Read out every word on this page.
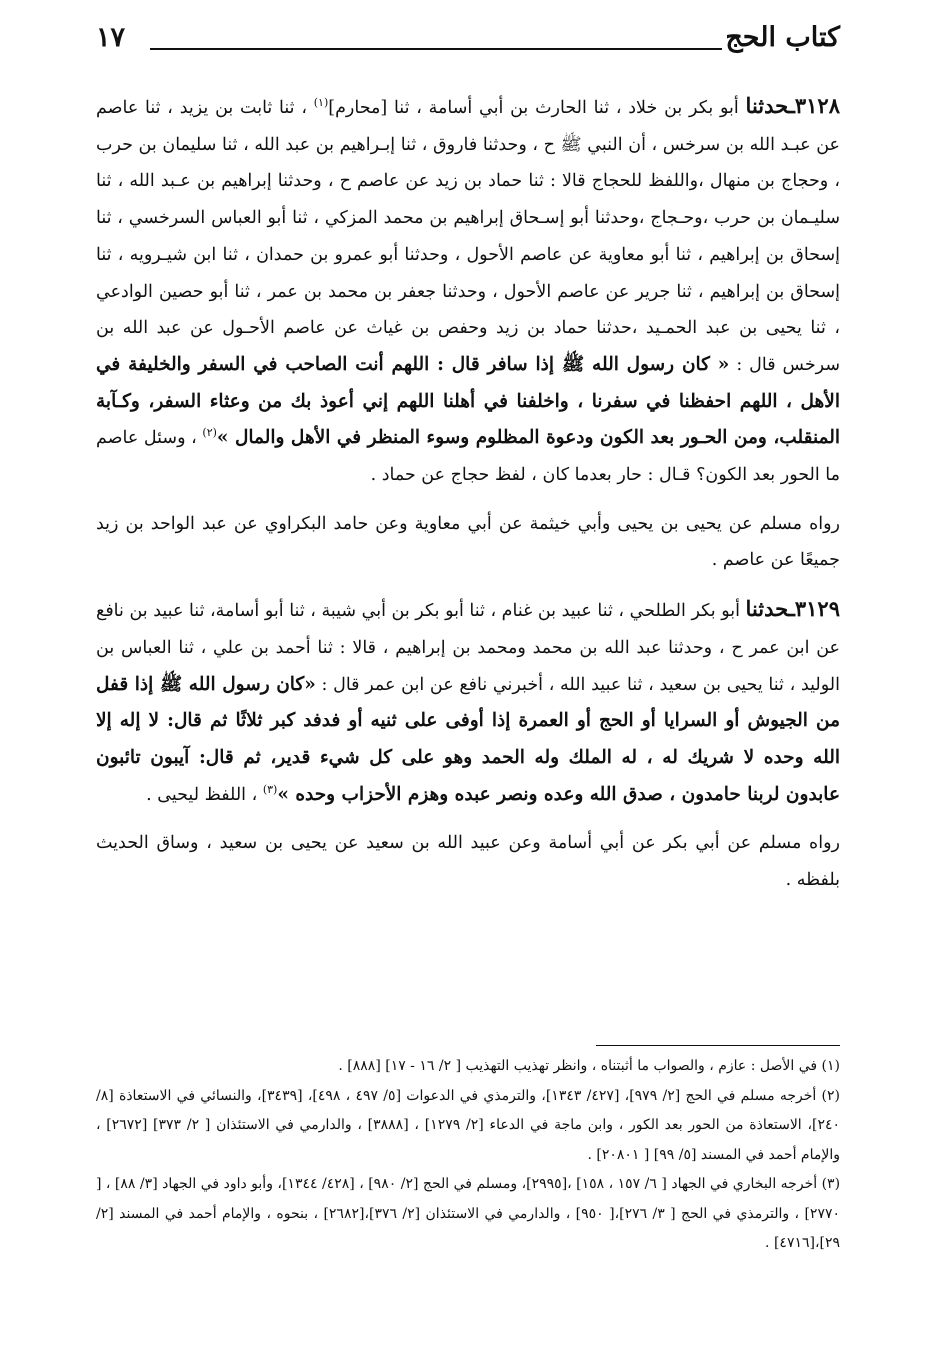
كتاب الحج
١٧

٣١٢٨ـحدثنا أبو بكر بن خلاد ، ثنا الحارث بن أبي أسامة ، ثنا [محارم]$^{(١)}$ ، ثنا ثابت بن يزيد ، ثنا عاصم عن عبـد الله بن سرخس ، أن النبي ﷺ ح ، وحدثنا فاروق ، ثنا إبـراهيم بن عبد الله ، ثنا سليمان بن حرب ، وحجاج بن منهال ،واللفظ للحجاج قالا : ثنا حماد بن زيد عن عاصم ح ، وحدثنا إبراهيم بن عـبد الله ، ثنا سليـمان بن حرب ،وحـجاج ،وحدثنا أبو إسـحاق إبراهيم بن محمد المزكي ، ثنا أبو العباس السرخسي ، ثنا إسحاق بن إبراهيم ، ثنا أبو معاوية عن عاصم الأحول ، وحدثنا أبو عمرو بن حمدان ، ثنا ابن شيـرويه ، ثنا إسحاق بن إبراهيم ، ثنا جرير عن عاصم الأحول ، وحدثنا جعفر بن محمد بن عمر ، ثنا أبو حصين الوادعي ، ثنا يحيى بن عبد الحمـيد ،حدثنا حماد بن زيد وحفص بن غياث عن عاصم الأحـول عن عبد الله بن سرخس قال : « كان رسول الله ﷺ إذا سافر قال : اللهم أنت الصاحب في السفر والخليفة في الأهل ، اللهم احفظنا في سفرنا ، واخلفنا في أهلنا اللهم إني أعوذ بك من وعثاء السفر، وكـآبة المنقلب، ومن الحـور بعد الكون ودعوة المظلوم وسوء المنظر في الأهل والمال »$^{(٢)}$ ، وسئل عاصم ما الحور بعد الكون؟ قـال : حار بعدما كان ، لفظ حجاج عن حماد .

رواه مسلم عن يحيى بن يحيى وأبي خيثمة عن أبي معاوية وعن حامد البكراوي عن عبد الواحد بن زيد جميعًا عن عاصم .

٣١٢٩ـحدثنا أبو بكر الطلحي ، ثنا عبيد بن غنام ، ثنا أبو بكر بن أبي شيبة ، ثنا أبو أسامة، ثنا عبيد بن نافع عن ابن عمر ح ، وحدثنا عبد الله بن محمد ومحمد بن إبراهيم ، قالا : ثنا أحمد بن علي ، ثنا العباس بن الوليد ، ثنا يحيى بن سعيد ، ثنا عبيد الله ، أخبرني نافع عن ابن عمر قال : «كان رسول الله ﷺ إذا قفل من الجيوش أو السرايا أو الحج أو العمرة إذا أوفى على ثنيه أو فدفد كبر ثلاثًا ثم قال: لا إله إلا الله وحده لا شريك له ، له الملك وله الحمد وهو على كل شيء قدير، ثم قال: آيبون تائبون عابدون لربنا حامدون ، صدق الله وعده ونصر عبده وهزم الأحزاب وحده »$^{(٣)}$ ، اللفظ ليحيى .

رواه مسلم عن أبي بكر عن أبي أسامة وعن عبيد الله بن سعيد عن يحيى بن سعيد ، وساق الحديث بلفظه .

(١) في الأصل : عازم ، والصواب ما أثبتناه ، وانظر تهذيب التهذيب [ ٢/ ١٦ - ١٧] [٨٨٨] .
(٢) أخرجه مسلم في الحج [٢/ ٩٧٩]، [٤٢٧/ ١٣٤٣]، والترمذي في الدعوات [٥/ ٤٩٧ ، ٤٩٨]، [٣٤٣٩]، والنسائي في الاستعاذة [٨/ ٢٤٠]، الاستعاذة من الحور بعد الكور ، وابن ماجة في الدعاء [٢/ ١٢٧٩] ، [٣٨٨٨] ، والدارمي في الاستئذان [ ٢/ ٣٧٣] [٢٦٧٢] ، والإمام أحمد في المسند [٥/ ٩٩] [ ٢٠٨٠١] .
(٣) أخرجه البخاري في الجهاد [ ٦/ ١٥٧ ، ١٥٨] ،[٢٩٩٥]، ومسلم في الحج [٢/ ٩٨٠] ، [٤٢٨/ ١٣٤٤]، وأبو داود في الجهاد [٣/ ٨٨] ، [ ٢٧٧٠] ، والترمذي في الحج [ ٣/ ٢٧٦]،[ ٩٥٠] ، والدارمي في الاستئذان [٢/ ٣٧٦]،[٢٦٨٢] ، بنحوه ، والإمام أحمد في المسند [٢/ ٢٩]،[٤٧١٦] .
